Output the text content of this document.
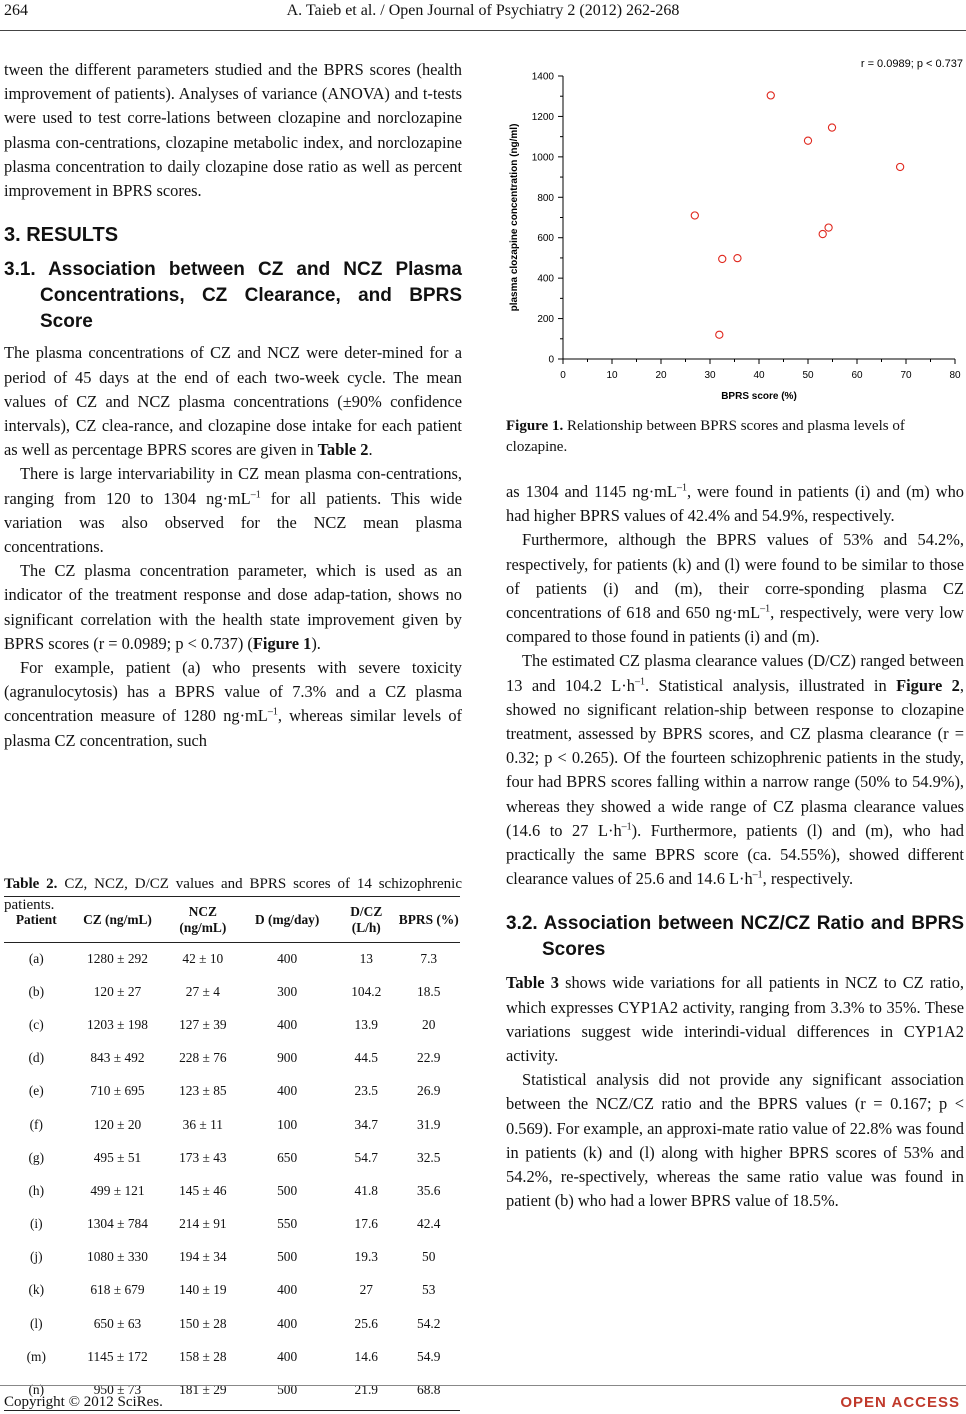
264	A. Taieb et al. / Open Journal of Psychiatry 2 (2012) 262-268

tween the different parameters studied and the BPRS scores (health improvement of patients). Analyses of variance (ANOVA) and t-tests were used to test corre-lations between clozapine and norclozapine plasma con-centrations, clozapine metabolic index, and norclozapine plasma concentration to daily clozapine dose ratio as well as percent improvement in BPRS scores.

3. RESULTS
3.1. Association between CZ and NCZ Plasma Concentrations, CZ Clearance, and BPRS Score

The plasma concentrations of CZ and NCZ were deter-mined for a period of 45 days at the end of each two-week cycle. The mean values of CZ and NCZ plasma concentrations (±90% confidence intervals), CZ clea-rance, and clozapine dose intake for each patient as well as percentage BPRS scores are given in Table 2.

There is large intervariability in CZ mean plasma con-centrations, ranging from 120 to 1304 $ng\cdot mL^{-1}$ for all patients. This wide variation was also observed for the NCZ mean plasma concentrations.

The CZ plasma concentration parameter, which is used as an indicator of the treatment response and dose adap-tation, shows no significant correlation with the health state improvement given by BPRS scores (r = 0.0989; p < 0.737) (Figure 1).

For example, patient (a) who presents with severe toxicity (agranulocytosis) has a BPRS value of 7.3% and a CZ plasma concentration measure of 1280 $ng\cdot mL^{-1}$, whereas similar levels of plasma CZ concentration, such

Table 2. CZ, NCZ, D/CZ values and BPRS scores of 14 schizophrenic patients.
Patient	CZ (ng/mL)	NCZ (ng/mL)	D (mg/day)	D/CZ (L/h)	BPRS (%)
(a)	1280 ± 292	42 ± 10	400	13	7.3
(b)	120 ± 27	27 ± 4	300	104.2	18.5
(c)	1203 ± 198	127 ± 39	400	13.9	20
(d)	843 ± 492	228 ± 76	900	44.5	22.9
(e)	710 ± 695	123 ± 85	400	23.5	26.9
(f)	120 ± 20	36 ± 11	100	34.7	31.9
(g)	495 ± 51	173 ± 43	650	54.7	32.5
(h)	499 ± 121	145 ± 46	500	41.8	35.6
(i)	1304 ± 784	214 ± 91	550	17.6	42.4
(j)	1080 ± 330	194 ± 34	500	19.3	50
(k)	618 ± 679	140 ± 19	400	27	53
(l)	650 ± 63	150 ± 28	400	25.6	54.2
(m)	1145 ± 172	158 ± 28	400	14.6	54.9
(n)	950 ± 73	181 ± 29	500	21.9	68.8
0	10	20	30	40	50	60	70	80
0
200
400
600
800
1000
1200
1400
BPRS score (%)
plasma clozapine concentration (ng/ml)
r = 0.0989; p < 0.737
Figure 1. Relationship between BPRS scores and plasma levels of clozapine.

as 1304 and 1145 $ng\cdot mL^{-1}$, were found in patients (i) and (m) who had higher BPRS values of 42.4% and 54.9%, respectively.

Furthermore, although the BPRS values of 53% and 54.2%, respectively, for patients (k) and (l) were found to be similar to those of patients (i) and (m), their corre-sponding plasma CZ concentrations of 618 and 650 $ng\cdot mL^{-1}$, respectively, were very low compared to those found in patients (i) and (m).

The estimated CZ plasma clearance values (D/CZ) ranged between 13 and 104.2 $L\cdot h^{-1}$. Statistical analysis, illustrated in Figure 2, showed no significant relation-ship between response to clozapine treatment, assessed by BPRS scores, and CZ plasma clearance (r = 0.32; p < 0.265). Of the fourteen schizophrenic patients in the study, four had BPRS scores falling within a narrow range (50% to 54.9%), whereas they showed a wide range of CZ plasma clearance values (14.6 to 27 $L\cdot h^{-1}$). Furthermore, patients (l) and (m), who had practically the same BPRS score (ca. 54.55%), showed different clearance values of 25.6 and 14.6 $L\cdot h^{-1}$, respectively.

3.2. Association between NCZ/CZ Ratio and BPRS Scores

Table 3 shows wide variations for all patients in NCZ to CZ ratio, which expresses CYP1A2 activity, ranging from 3.3% to 35%. These variations suggest wide interindi-vidual differences in CYP1A2 activity.

Statistical analysis did not provide any significant association between the NCZ/CZ ratio and the BPRS values (r = 0.167; p < 0.569). For example, an approxi-mate ratio value of 22.8% was found in patients (k) and (l) along with higher BPRS scores of 53% and 54.2%, re-spectively, whereas the same ratio value was found in patient (b) who had a lower BPRS value of 18.5%.

Copyright © 2012 SciRes.	OPEN ACCESS
